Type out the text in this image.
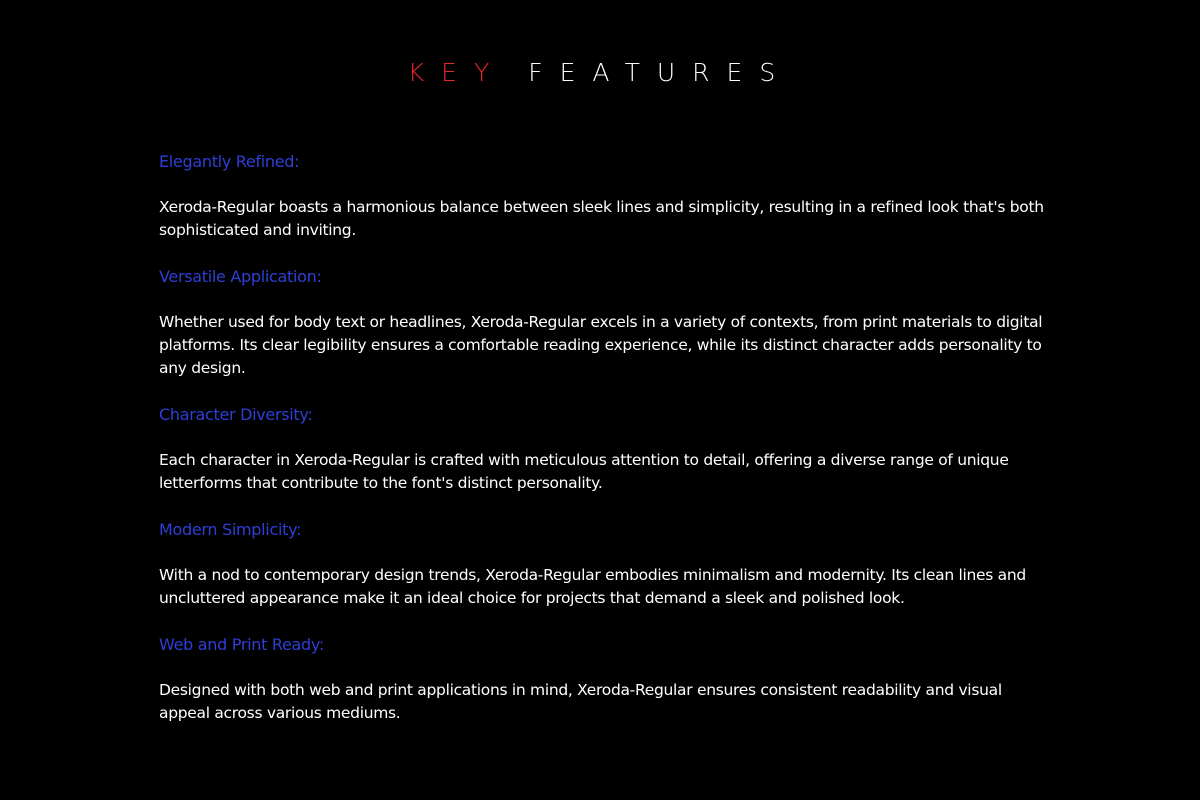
KEY FEATURES

Elegantly Refined:

Xeroda-Regular boasts a harmonious balance between sleek lines and simplicity, resulting in a refined look that's both sophisticated and inviting.

Versatile Application:

Whether used for body text or headlines, Xeroda-Regular excels in a variety of contexts, from print materials to digital platforms. Its clear legibility ensures a comfortable reading experience, while its distinct character adds personality to any design.

Character Diversity:

Each character in Xeroda-Regular is crafted with meticulous attention to detail, offering a diverse range of unique letterforms that contribute to the font's distinct personality.

Modern Simplicity:

With a nod to contemporary design trends, Xeroda-Regular embodies minimalism and modernity. Its clean lines and uncluttered appearance make it an ideal choice for projects that demand a sleek and polished look.

Web and Print Ready:

Designed with both web and print applications in mind, Xeroda-Regular ensures consistent readability and visual appeal across various mediums.
